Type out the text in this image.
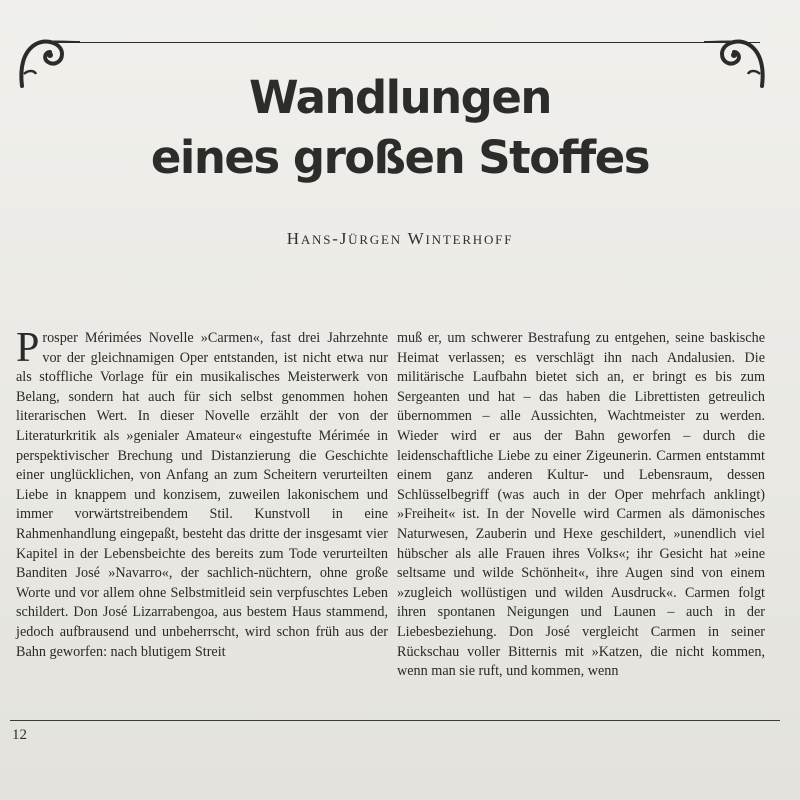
Wandlungen
eines großen Stoffes
HANS-JÜRGEN WINTERHOFF
Prosper Mérimées Novelle »Carmen«, fast drei Jahrzehnte vor der gleichnamigen Oper entstanden, ist nicht etwa nur als stoffliche Vorlage für ein musikalisches Meisterwerk von Belang, sondern hat auch für sich selbst genommen hohen literarischen Wert. In dieser Novelle erzählt der von der Literaturkritik als »genialer Amateur« eingestufte Mérimée in perspektivischer Brechung und Distanzierung die Geschichte einer unglücklichen, von Anfang an zum Scheitern verurteilten Liebe in knappem und konzisem, zuweilen lakonischem und immer vorwärtstreibendem Stil. Kunstvoll in eine Rahmenhandlung eingepaßt, besteht das dritte der insgesamt vier Kapitel in der Lebensbeichte des bereits zum Tode verurteilten Banditen José »Navarro«, der sachlich-nüchtern, ohne große Worte und vor allem ohne Selbstmitleid sein verpfuschtes Leben schildert. Don José Lizarrabengoa, aus bestem Haus stammend, jedoch aufbrausend und unbeherrscht, wird schon früh aus der Bahn geworfen: nach blutigem Streit
muß er, um schwerer Bestrafung zu entgehen, seine baskische Heimat verlassen; es verschlägt ihn nach Andalusien. Die militärische Laufbahn bietet sich an, er bringt es bis zum Sergeanten und hat – das haben die Librettisten getreulich übernommen – alle Aussichten, Wachtmeister zu werden. Wieder wird er aus der Bahn geworfen – durch die leidenschaftliche Liebe zu einer Zigeunerin. Carmen entstammt einem ganz anderen Kultur- und Lebensraum, dessen Schlüsselbegriff (was auch in der Oper mehrfach anklingt) »Freiheit« ist. In der Novelle wird Carmen als dämonisches Naturwesen, Zauberin und Hexe geschildert, »unendlich viel hübscher als alle Frauen ihres Volks«; ihr Gesicht hat »eine seltsame und wilde Schönheit«, ihre Augen sind von einem »zugleich wollüstigen und wilden Ausdruck«. Carmen folgt ihren spontanen Neigungen und Launen – auch in der Liebesbeziehung. Don José vergleicht Carmen in seiner Rückschau voller Bitternis mit »Katzen, die nicht kommen, wenn man sie ruft, und kommen, wenn
12
